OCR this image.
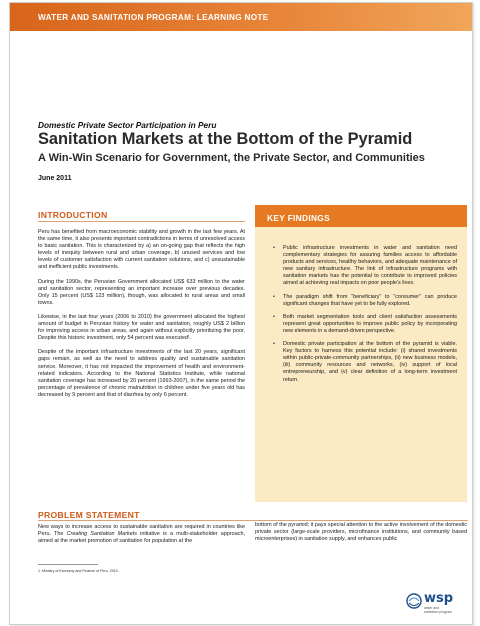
WATER AND SANITATION PROGRAM: LEARNING NOTE
Domestic Private Sector Participation in Peru
Sanitation Markets at the Bottom of the Pyramid
A Win-Win Scenario for Government, the Private Sector, and Communities
June 2011
INTRODUCTION

Peru has benefited from macroeconomic stability and growth in the last few years. At the same time, it also presents important contradictions in terms of unresolved access to basic sanitation. This is characterized by a) an on-going gap that reflects the high levels of inequity between rural and urban coverage, b) unused services and low levels of customer satisfaction with current sanitation solutions, and c) unsustainable and inefficient public investments.

During the 1990s, the Peruvian Government allocated US$ 633 million to the water and sanitation sector, representing an important increase over previous decades. Only 15 percent (US$ 123 million), though, was allocated to rural areas and small towns.

Likewise, in the last four years (2006 to 2010) the government allocated the highest amount of budget in Peruvian history for water and sanitation, roughly US$ 2 billion for improving access in urban areas, and again without explicitly prioritizing the poor. Despite this historic investment, only 54 percent was executed¹.

Despite of the important infrastructure investments of the last 20 years, significant gaps remain, as well as the need to address quality and sustainable sanitation service. Moreover, it has not impacted the improvement of health and environment-related indicators. According to the National Statistics Institute, while national sanitation coverage has increased by 20 percent (1993-2007), in the same period the percentage of prevalence of chronic malnutrition in children under five years old has decreased by 9 percent and that of diarrhea by only 6 percent.

KEY FINDINGS
• Public infrastructure investments in water and sanitation need complementary strategies for assuring families access to affordable products and services, healthy behaviors, and adequate maintenance of new sanitary infrastructure. The link of infrastructure programs with sanitation markets has the potential to contribute to improved policies aimed at achieving real impacts on poor people's lives.
• The paradigm shift from “beneficiary” to “consumer” can produce significant changes that have yet to be fully explored.
• Both market segmentation tools and client satisfaction assessments represent great opportunities to improve public policy by incorporating new elements in a demand-driven perspective.
• Domestic private participation at the bottom of the pyramid is viable. Key factors to harness this potential include: (i) shared investments within public-private-community partnerships, (ii) new business models, (iii) community resources and networks, (iv) support of local entrepreneurship, and (v) clear definition of a long-term investment return.
PROBLEM STATEMENT
New ways to increase access to sustainable sanitation are required in countries like Peru. The Creating Sanitation Markets initiative is a multi-stakeholder approach, aimed at the market promotion of sanitation for population at the
bottom of the pyramid; it pays special attention to the active involvement of the domestic private sector (large-scale providers, microfinance institutions, and community based microenterprises) in sanitation supply, and enhances public
1. Ministry of Economy and Finance of Peru, 2010.
wsp
water and
sanitation program
